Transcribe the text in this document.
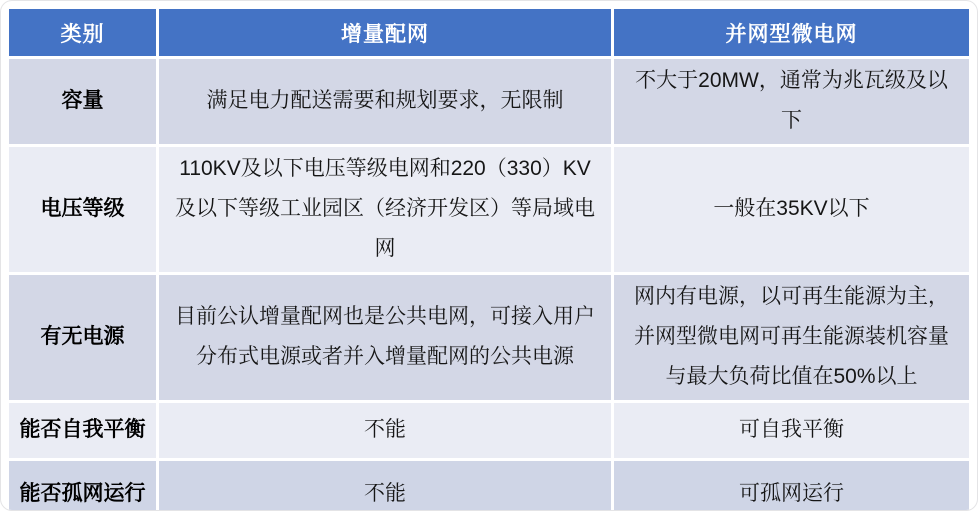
类别	增量配网	并网型微电网
容量	满足电力配送需要和规划要求，无限制	不大于20MW，通常为兆瓦级及以下
电压等级	110KV及以下电压等级电网和220（330）KV及以下等级工业园区（经济开发区）等局域电网	一般在35KV以下
有无电源	目前公认增量配网也是公共电网，可接入用户分布式电源或者并入增量配网的公共电源	网内有电源，以可再生能源为主，并网型微电网可再生能源装机容量与最大负荷比值在50%以上
能否自我平衡	不能	可自我平衡
能否孤网运行	不能	可孤网运行
